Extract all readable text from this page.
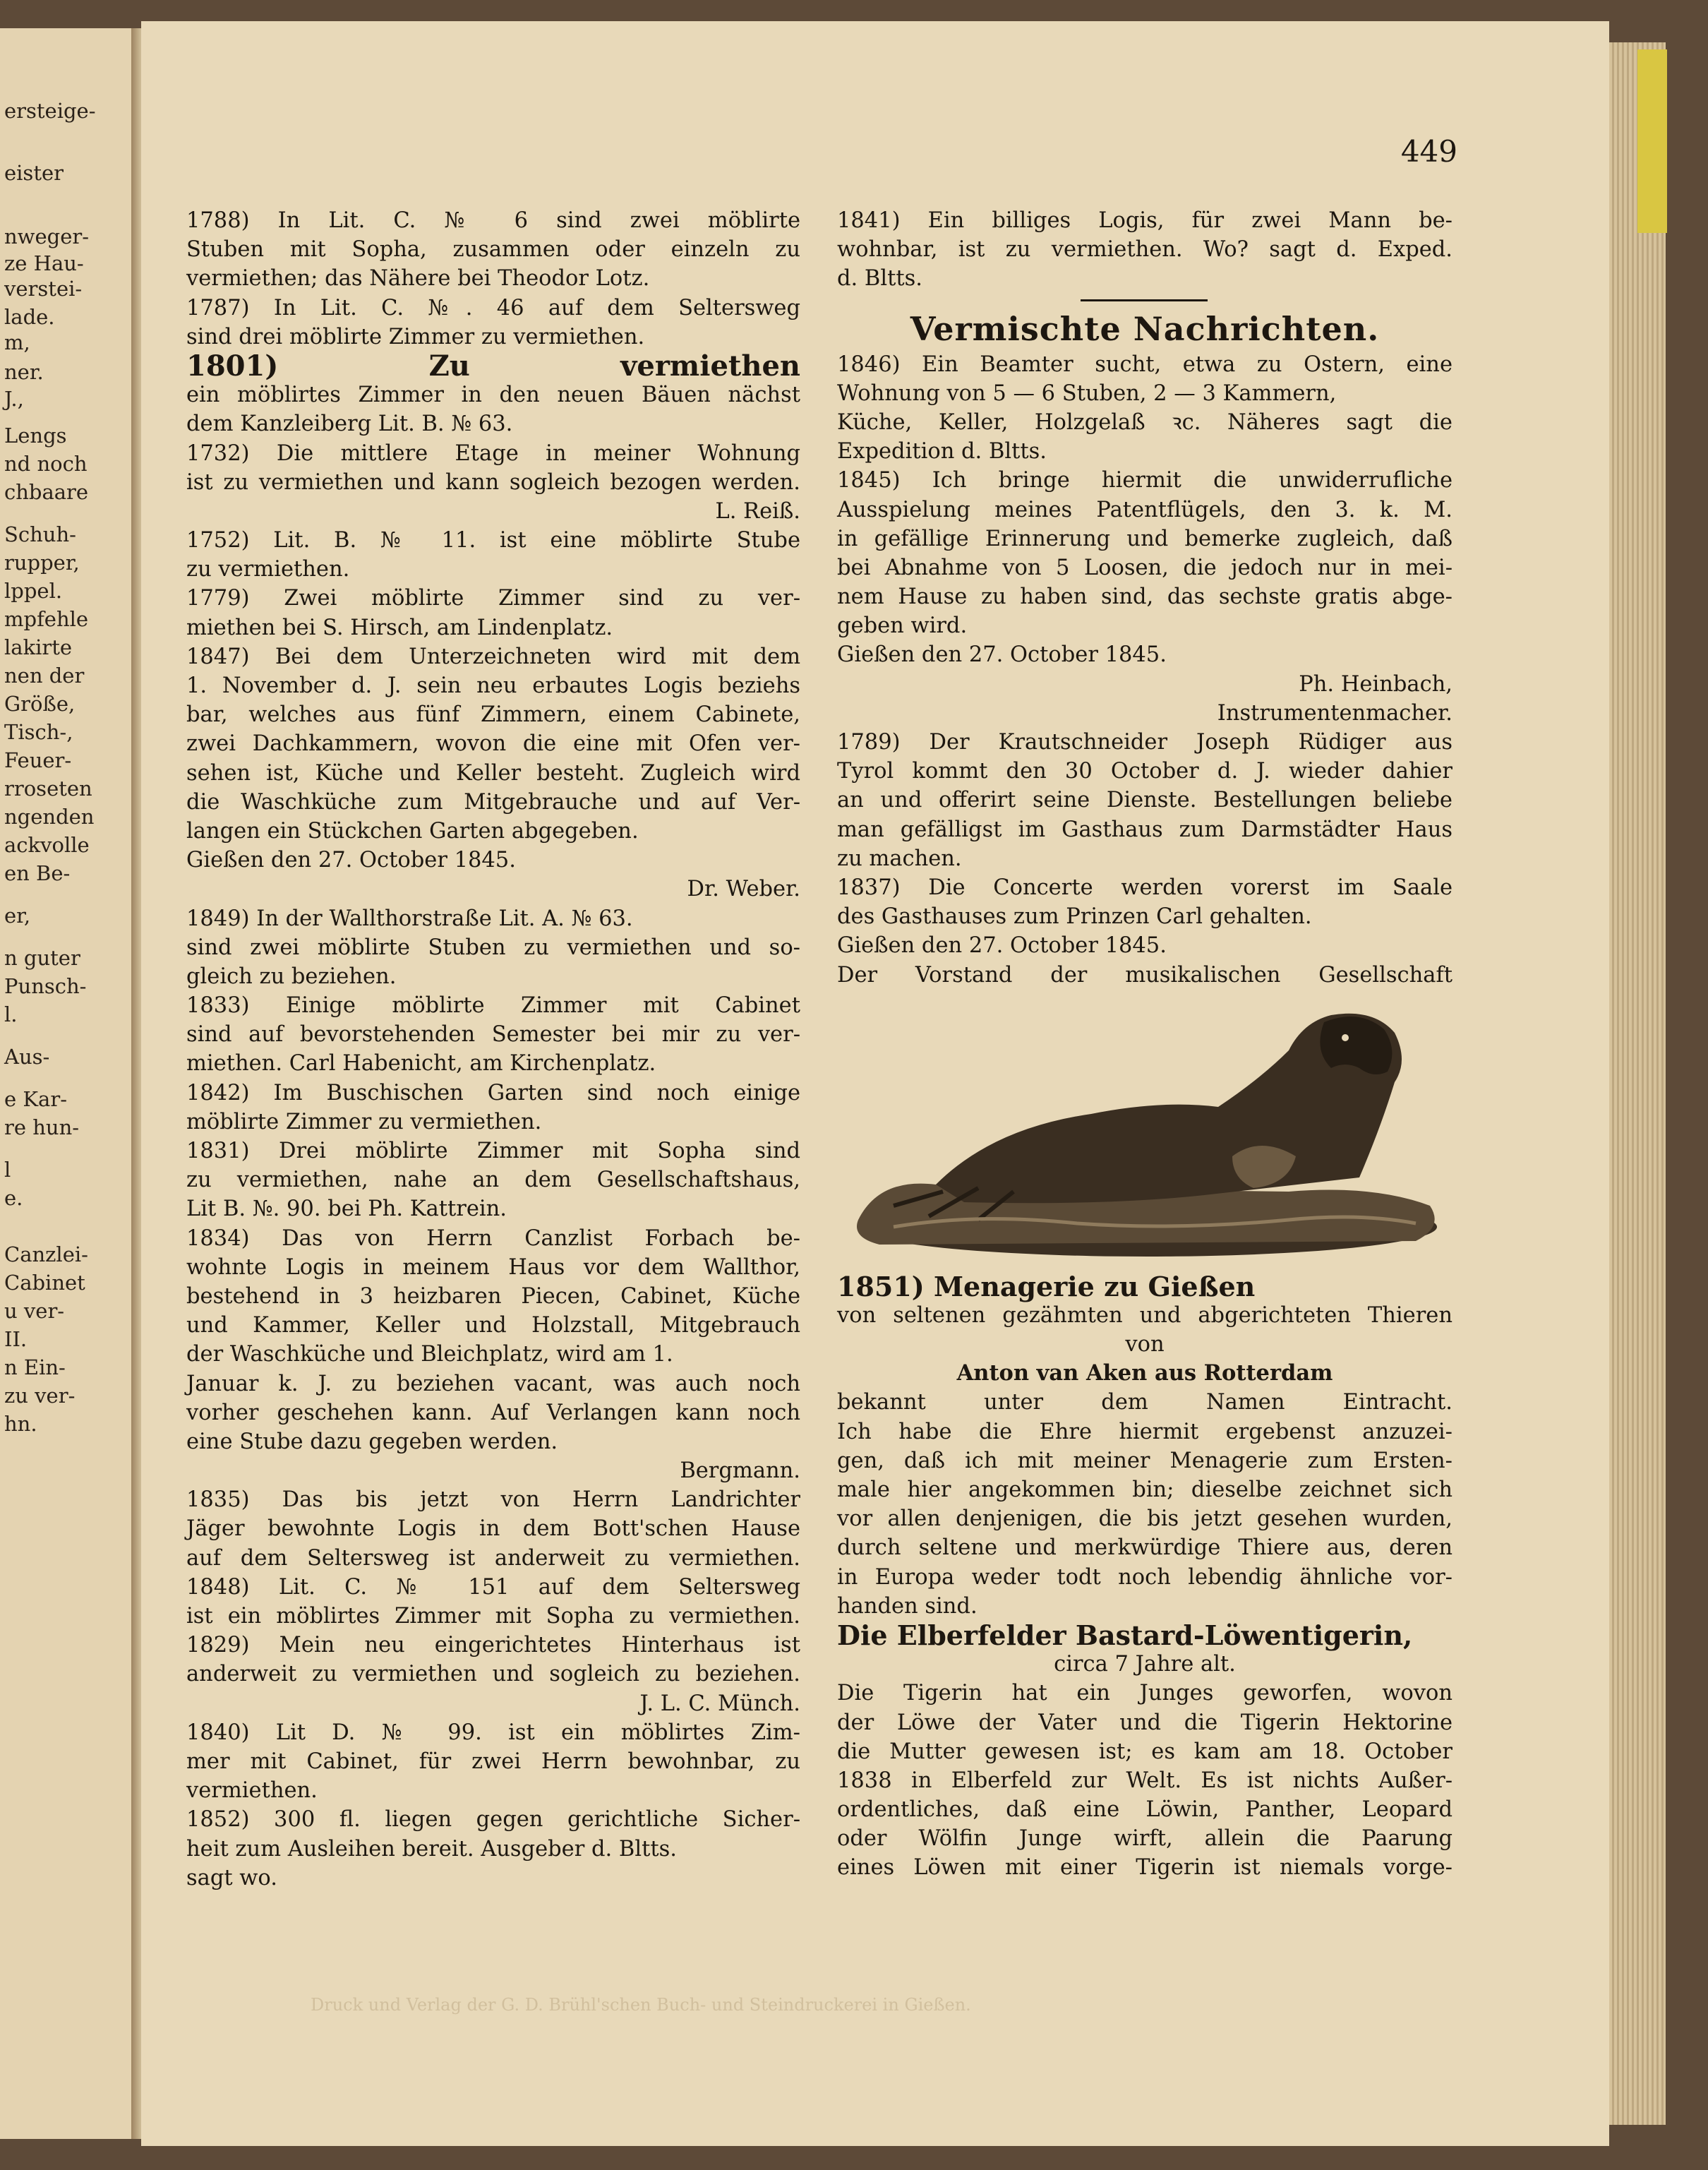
ersteige-
eister
nweger-
ze Hau-
verstei-
lade.
m,
ner.
J.,
Lengs
nd noch
chbaare
Schuh-
rupper,
lppel.
mpfehle
lakirte
nen der
Größe,
Tisch-,
Feuer-
rroseten
ngenden
ackvolle
en Be-
er,
n guter
Punsch-
l.
Aus-
e Kar-
re hun-
l
e.
Canzlei-
Cabinet
u ver-
II.
n Ein-
zu ver-
hn.
449
1788) In Lit. C. № 6 sind zwei möblirte
Stuben mit Sopha, zusammen oder einzeln zu
vermiethen; das Nähere bei Theodor Lotz.
1787) In Lit. C. №. 46 auf dem Seltersweg
sind drei möblirte Zimmer zu vermiethen.
1801) Zu vermiethen
ein möblirtes Zimmer in den neuen Bäuen nächst
dem Kanzleiberg Lit. B. № 63.
1732) Die mittlere Etage in meiner Wohnung
ist zu vermiethen und kann sogleich bezogen werden.
L. Reiß.
1752) Lit. B. № 11. ist eine möblirte Stube
zu vermiethen.
1779) Zwei möblirte Zimmer sind zu ver-
miethen bei S. Hirsch, am Lindenplatz.
1847) Bei dem Unterzeichneten wird mit dem
1. November d. J. sein neu erbautes Logis beziehs
bar, welches aus fünf Zimmern, einem Cabinete,
zwei Dachkammern, wovon die eine mit Ofen ver-
sehen ist, Küche und Keller besteht. Zugleich wird
die Waschküche zum Mitgebrauche und auf Ver-
langen ein Stückchen Garten abgegeben.
Gießen den 27. October 1845.
Dr. Weber.
1849) In der Wallthorstraße Lit. A. № 63.
sind zwei möblirte Stuben zu vermiethen und so-
gleich zu beziehen.
1833) Einige möblirte Zimmer mit Cabinet
sind auf bevorstehenden Semester bei mir zu ver-
miethen. Carl Habenicht, am Kirchenplatz.
1842) Im Buschischen Garten sind noch einige
möblirte Zimmer zu vermiethen.
1831) Drei möblirte Zimmer mit Sopha sind
zu vermiethen, nahe an dem Gesellschaftshaus,
Lit B. №. 90. bei Ph. Kattrein.
1834) Das von Herrn Canzlist Forbach be-
wohnte Logis in meinem Haus vor dem Wallthor,
bestehend in 3 heizbaren Piecen, Cabinet, Küche
und Kammer, Keller und Holzstall, Mitgebrauch
der Waschküche und Bleichplatz, wird am 1.
Januar k. J. zu beziehen vacant, was auch noch
vorher geschehen kann. Auf Verlangen kann noch
eine Stube dazu gegeben werden.
Bergmann.
1835) Das bis jetzt von Herrn Landrichter
Jäger bewohnte Logis in dem Bott'schen Hause
auf dem Seltersweg ist anderweit zu vermiethen.
1848) Lit. C. № 151 auf dem Seltersweg
ist ein möblirtes Zimmer mit Sopha zu vermiethen.
1829) Mein neu eingerichtetes Hinterhaus ist
anderweit zu vermiethen und sogleich zu beziehen.
J. L. C. Münch.
1840) Lit D. № 99. ist ein möblirtes Zim-
mer mit Cabinet, für zwei Herrn bewohnbar, zu
vermiethen.
1852) 300 fl. liegen gegen gerichtliche Sicher-
heit zum Ausleihen bereit. Ausgeber d. Bltts.
sagt wo.
1841) Ein billiges Logis, für zwei Mann be-
wohnbar, ist zu vermiethen. Wo? sagt d. Exped.
d. Bltts.
Vermischte Nachrichten.
1846) Ein Beamter sucht, etwa zu Ostern, eine
Wohnung von 5 — 6 Stuben, 2 — 3 Kammern,
Küche, Keller, Holzgelaß ꝛc. Näheres sagt die
Expedition d. Bltts.
1845) Ich bringe hiermit die unwiderrufliche
Ausspielung meines Patentflügels, den 3. k. M.
in gefällige Erinnerung und bemerke zugleich, daß
bei Abnahme von 5 Loosen, die jedoch nur in mei-
nem Hause zu haben sind, das sechste gratis abge-
geben wird.
Gießen den 27. October 1845.
Ph. Heinbach,
Instrumentenmacher.
1789) Der Krautschneider Joseph Rüdiger aus
Tyrol kommt den 30 October d. J. wieder dahier
an und offerirt seine Dienste. Bestellungen beliebe
man gefälligst im Gasthaus zum Darmstädter Haus
zu machen.
1837) Die Concerte werden vorerst im Saale
des Gasthauses zum Prinzen Carl gehalten.
Gießen den 27. October 1845.
Der Vorstand der musikalischen Gesellschaft
1851) Menagerie zu Gießen
von seltenen gezähmten und abgerichteten Thieren
von
Anton van Aken aus Rotterdam
bekannt unter dem Namen Eintracht.
Ich habe die Ehre hiermit ergebenst anzuzei-
gen, daß ich mit meiner Menagerie zum Ersten-
male hier angekommen bin; dieselbe zeichnet sich
vor allen denjenigen, die bis jetzt gesehen wurden,
durch seltene und merkwürdige Thiere aus, deren
in Europa weder todt noch lebendig ähnliche vor-
handen sind.
Die Elberfelder Bastard-Löwentigerin,
circa 7 Jahre alt.
Die Tigerin hat ein Junges geworfen, wovon
der Löwe der Vater und die Tigerin Hektorine
die Mutter gewesen ist; es kam am 18. October
1838 in Elberfeld zur Welt. Es ist nichts Außer-
ordentliches, daß eine Löwin, Panther, Leopard
oder Wölfin Junge wirft, allein die Paarung
eines Löwen mit einer Tigerin ist niemals vorge-
Druck und Verlag der G. D. Brühl'schen Buch- und Steindruckerei in Gießen.
